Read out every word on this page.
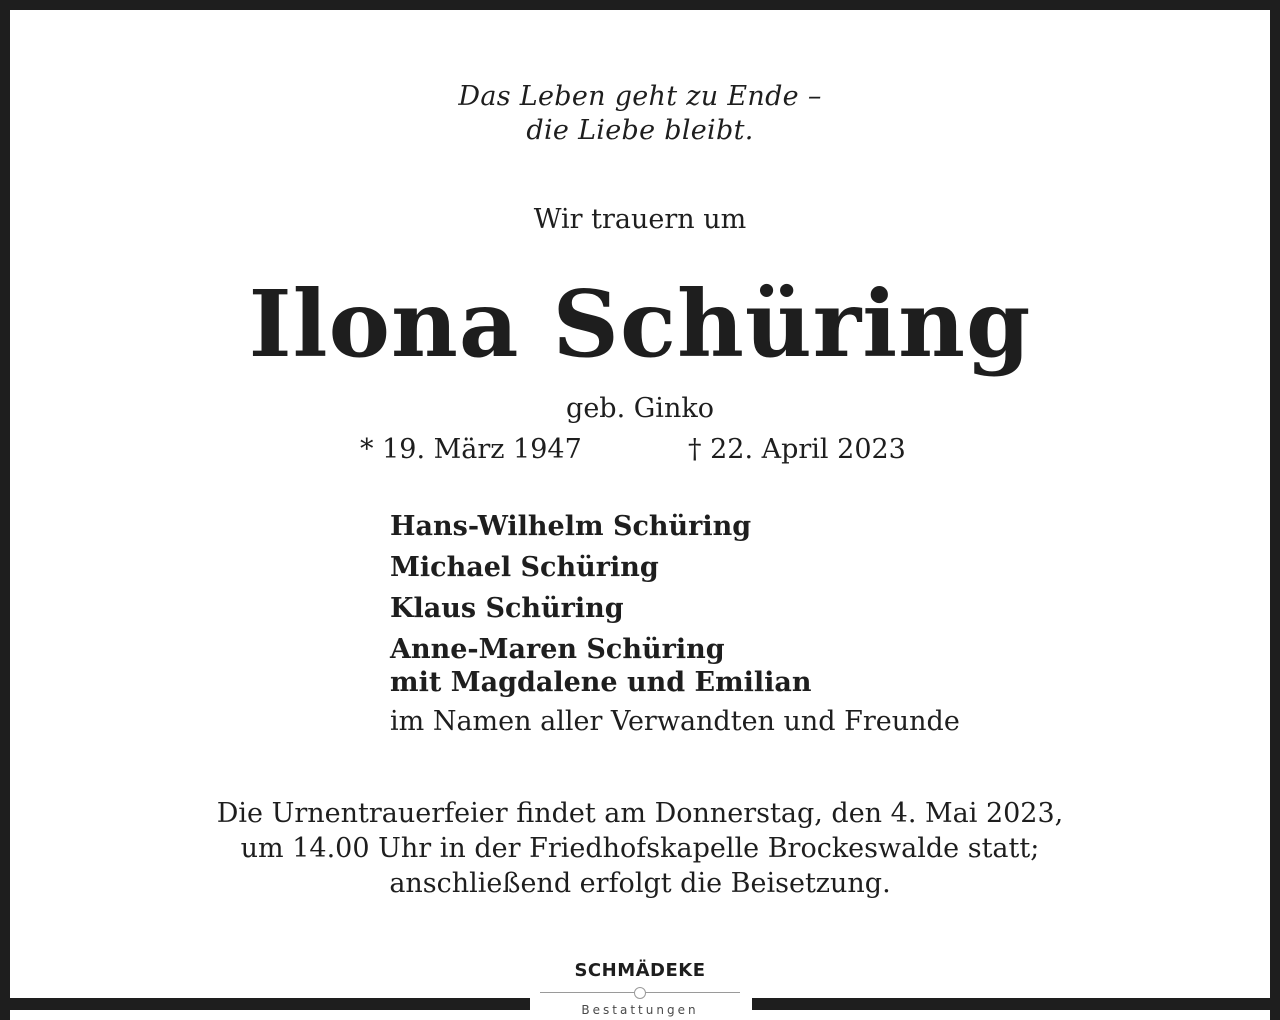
Das Leben geht zu Ende –
die Liebe bleibt.
Wir trauern um
Ilona Schüring
geb. Ginko
* 19. März 1947	† 22. April 2023
Hans-Wilhelm Schüring
Michael Schüring
Klaus Schüring
Anne-Maren Schüring
mit Magdalene und Emilian
im Namen aller Verwandten und Freunde
Die Urnentrauerfeier findet am Donnerstag, den 4. Mai 2023,
um 14.00 Uhr in der Friedhofskapelle Brockeswalde statt;
anschließend erfolgt die Beisetzung.
SCHMÄDEKE
Bestattungen
